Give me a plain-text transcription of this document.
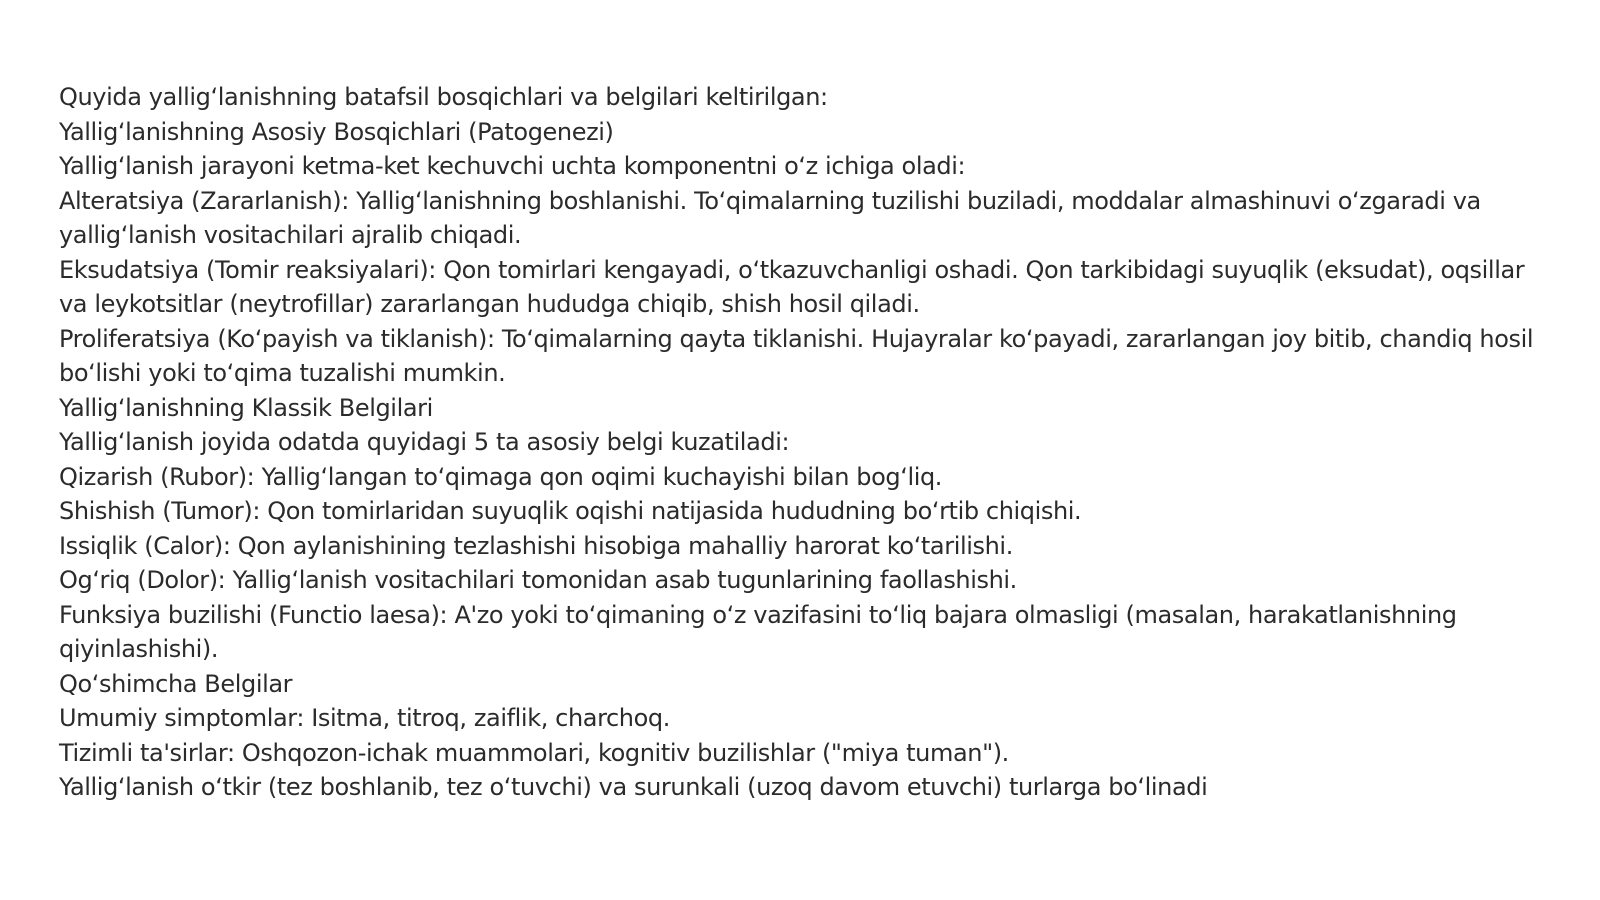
Quyida yallig‘lanishning batafsil bosqichlari va belgilari keltirilgan:
Yallig‘lanishning Asosiy Bosqichlari (Patogenezi)
Yallig‘lanish jarayoni ketma-ket kechuvchi uchta komponentni o‘z ichiga oladi:
Alteratsiya (Zararlanish): Yallig‘lanishning boshlanishi. To‘qimalarning tuzilishi buziladi, moddalar almashinuvi o‘zgaradi va yallig‘lanish vositachilari ajralib chiqadi.
Eksudatsiya (Tomir reaksiyalari): Qon tomirlari kengayadi, o‘tkazuvchanligi oshadi. Qon tarkibidagi suyuqlik (eksudat), oqsillar va leykotsitlar (neytrofillar) zararlangan hududga chiqib, shish hosil qiladi.
Proliferatsiya (Ko‘payish va tiklanish): To‘qimalarning qayta tiklanishi. Hujayralar ko‘payadi, zararlangan joy bitib, chandiq hosil bo‘lishi yoki to‘qima tuzalishi mumkin.
Yallig‘lanishning Klassik Belgilari
Yallig‘lanish joyida odatda quyidagi 5 ta asosiy belgi kuzatiladi:
Qizarish (Rubor): Yallig‘langan to‘qimaga qon oqimi kuchayishi bilan bog‘liq.
Shishish (Tumor): Qon tomirlaridan suyuqlik oqishi natijasida hududning bo‘rtib chiqishi.
Issiqlik (Calor): Qon aylanishining tezlashishi hisobiga mahalliy harorat ko‘tarilishi.
Og‘riq (Dolor): Yallig‘lanish vositachilari tomonidan asab tugunlarining faollashishi.
Funksiya buzilishi (Functio laesa): A'zo yoki to‘qimaning o‘z vazifasini to‘liq bajara olmasligi (masalan, harakatlanishning qiyinlashishi).
Qo‘shimcha Belgilar
Umumiy simptomlar: Isitma, titroq, zaiflik, charchoq.
Tizimli ta'sirlar: Oshqozon-ichak muammolari, kognitiv buzilishlar ("miya tuman").
Yallig‘lanish o‘tkir (tez boshlanib, tez o‘tuvchi) va surunkali (uzoq davom etuvchi) turlarga bo‘linadi
